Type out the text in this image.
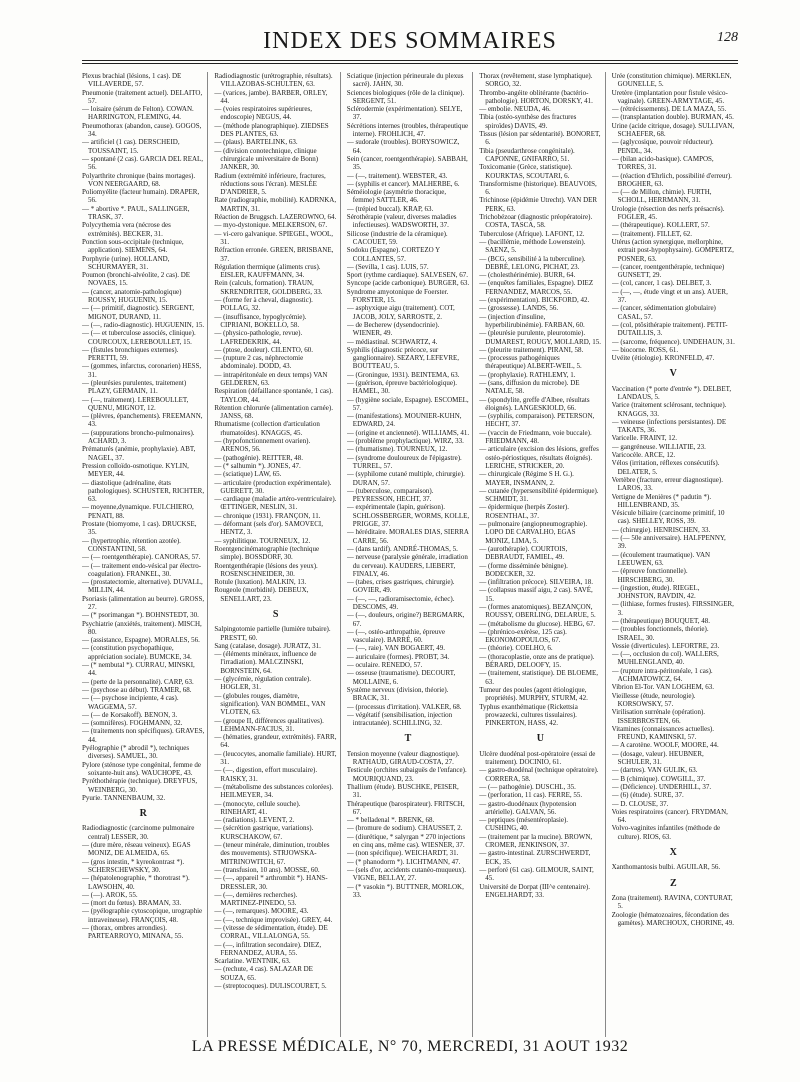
INDEX DES SOMMAIRES	128

Plexus brachial (lésions, 1 cas). DE VILLAVERDE, 57.

Pneumonie (traitement actuel). DELAITO, 57.

— loisaire (sérum de Felton). COWAN. HARRINGTON, FLEMING, 44.

Pneumothorax (abandon, cause). GOGOS, 34.

— artificiel (1 cas). DERSCHEID, TOUSSAINT, 15.

— spontané (2 cas). GARCIA DEL REAL, 56.

Polyarthrite chronique (bains mortages). VON NEERGAARD, 68.

Poliomyélite (facteur humain). DRAPER, 56.

— * abortive *. PAUL, SALLINGER, TRASK, 37.

Polycythemia vera (nécrose des extrémités). BECKER, 31.

Ponction sous-occipitale (technique, application). SIEMENS, 64.

Porphyrie (urine). HOLLAND, SCHURMAYER, 31.

Poumon (bronchi-alvéolite, 2 cas). DE NOVAES, 15.

— (cancer, anatomie-pathologique) ROUSSY, HUGUENIN, 15.

— (— primitif, diagnostic). SERGENT, MIGNOT, DURAND, 11.

— (—, radio-diagnostic). HUGUENIN, 15.

— (— et tuberculose associés, clinique). COURCOUX, LEREBOULLET, 15.

— (fistules bronchiques externes). PERETTI, 59.

— (gommes, infarctus, coronarien) HESS, 31.

— (pleurésies purulentes, traitement) PLAZY, GERMAIN, 11.

— (—, traitement). LEREBOULLET, QUENU, MIGNOT, 12.

— (plèvres, épanchements). FREEMANN, 43.

— (suppurations broncho-pulmonaires). ACHARD, 3.

Prématurés (anémie, prophylaxie). ABT, NAGEL, 37.

Pression colloïdo-osmotique. KYLIN, MEYER, 44.

— diastolique (adrénaline, états pathologiques). SCHUSTER, RICHTER, 63.

— moyenne,dynamique. FULCHIERO, PENATI, 88.

Prostate (biomyome, 1 cas). DRUCKSE, 35.

— (hypertrophie, rétention azotée). CONSTANTINI, 58.

— (— roentgenthérapie). CANORAS, 57.

— (— traitement endo-vésical par électro-coagulation). FRANKEL, 30.

— (prostatectomie, alternative). DUVALL, MILLIN, 44.

Psoriasis (alimentation au beurre). GROSS, 27.

— (* psorimangan *). BOHNSTEDT, 30.

Psychiatrie (anxiétés, traitement). MISCH, 80.

— (assistance, Espagne). MORALES, 56.

— (constitution psychopathique, appréciation sociale). BUMCKE, 34.

— (* nembutal *). CURRAU, MINSKI, 44.

— (perte de la personnalité). CARP, 63.

— (psychose au début). TRAMER, 68.

— (— psychose incipiente, 4 cas). WAGGEMA, 57.

— (— de Korsakoff). BENON, 3.

— (somnifères). FOGHMANN, 32.

— (traitements non spécifiques). GRAVES, 44.

Pyélographie (* abrodil *), techniques diverses). SAMUEL, 30.

Pylore (sténose type congénital, femme de soixante-huit ans). WAUCHOPE, 43.

Pyréthothérapie (technique). DREYFUS, WEINBERG, 30.

Pyurie. TANNENBAUM, 32.

R

Radiodiagnostic (carcinome pulmonaire central) LESSER, 30.

— (dure mère, réseau veineux). EGAS MONIZ, DE ALMEIDA, 65.

— (gros intestin, * kyreokontrast *). SCHERSCHEWSKY, 30.

— (hépatolenographie, * thorotrast *). LAWSOHN, 40.

— (—). AROK, 55.

— (mort du fœtus). BRAMAN, 33.

— (pyélographie cytoscopique, urographie intraveineuse). FRANÇOIS, 48.

— (thorax, ombres arrondies). PARTEARROYO, MINANA, 55.

Radiodiagnostic (urétrographie, résultats). VILLAZOBAS-SCHULTEN, 63.

— (varices, jambe). BARBER, ORLEY, 44.

— (voies respiratoires supérieures, endoscopie) NEGUS, 44.

— (méthode planographique). ZIEDSES DES PLANTES, 63.

— (plaus). BARTELINK, 63.

— (division conotechnique, clinique chirurgicale universitaire de Bonn) JANKER, 30.

Radium (extrémité inférieure, fractures, réductions sous l'écran). MESLÉE D'ANDRIER, 5.

Rate (radiographie, mobilité). KADRNKA, MARTIN, 31.

Réaction de Bruggsch. LAZEROWNO, 64.

— myo-dystonique. MELKERSON, 67.

— vi-cero galvanique. SPIEGEL, WOOL, 31.

Réfraction erronée. GREEN, BRISBANE, 37.

Régulation thermique (aliments crus). EISLER, KAUFFMANN, 34.

Rein (calculs, formation). TRAUN, SKRENDRITER, GOLDBERG, 33.

— (forme fer à cheval, diagnostic). POLLAG, 32.

— (insuffisance, hypoglycémie). CIPRIANI, BOKELLO, 58.

— (physico-pathologie, revue). LAFREDEKRIK, 44.

— (ptose, douleur). CILENTO, 60.

— (rupture 2 cas, néphrectomie abdominale). DODD, 43.

— intrapéritonéale en deux temps) VAN GELDEREN, 63.

Respiration (défaillance spontanée, 1 cas). TAYLOR, 44.

Rétention chlorurée (alimentation carnée). JANSS, 68.

Rhumatisme (collection d'articulation rhumatoïdes). KNAGGS, 45.

— (hypofonctionnement ovarien). ARENOS, 56.

— (pathogénie). REITTER, 48.

— (* salhumin *). JONES, 47.

— (sciatique) LAW, 65.

— articulaire (production expérimentale). GUERETT, 30.

— cardiaque (maladie artéro-ventriculaire). ŒTTINGER, NESLIN, 31.

— chronique (1931). FRANÇON, 11.

— déformant (sels d'or). SAMOVECI, HENTZ, 3.

— syphilitique. TOURNEUX, 12.

Roentgencinématographie (technique simple). BOSSDORF, 30.

Roentgenthérapie (lésions des yeux). ROSENSCHNEIDER, 30.

Rotule (luxation). MALKIN, 13.

Rougeole (morbidité). DEBEUX, SENELLART, 23.

S

Salpingotomie partielle (lumière tubaire). PRESTT, 60.

Sang (catalase, dosage). JURATZ, 31.

— (éléments minéraux, influence de l'irradiation). MALCZINSKI, BORNSTEIN, 64.

— (glycémie, régulation centrale). HOGLER, 31.

— (globules rouges, diamètre, signification). VAN BOMMEL, VAN VLOTEN, 63.

— (groupe II, différences qualitatives). LEHMANN-FACIUS, 31.

— (hématies, grandeur, extrémités). FARR, 64.

— (leucocytes, anomalie familiale). HURT, 31.

— (—, digestion, effort musculaire). RAISKY, 31.

— (métabolisme des substances colorées). HEILMEYER, 34.

— (monocyte, cellule souche). RINEHART, 41.

— (radiations). LEVENT, 2.

— (sécrétion gastrique, variations). KURSCHAKOW, 67.

— (teneur minérale, diminution, troubles des mouvements). STRJOWSKA-MITRINOWITCH, 67.

— (transfusion, 10 ans). MOSSE, 60.

— (—, appareil * arthrombit *). HANS-DRESSLER, 30.

— (—, dernières recherches). MARTINEZ-PINEDO, 53.

— (—, remarques). MOORE, 43.

— (—, technique improvisée). GREY, 44.

— (vitesse de sédimentation, étude). DE CORRAL, VILLALONGA, 55.

— (—, infiltration secondaire). DIEZ, FERNANDEZ, AURA, 55.

Scarlatine. WENTNIK, 63.

— (rechute, 4 cas). SALAZAR DE SOUZA, 65.

— (streptocoques). DULISCOURET, 5.

Sciatique (injection périneurale du plexus sacré). JAHN, 30.

Sciences biologiques (rôle de la clinique). SERGENT, 51.

Sclérodermie (expérimentation). SELYE, 37.

Sécrétions internes (troubles, thérapeutique interne). FROHLICH, 47.

— sudorale (troubles). BORYSOWICZ, 64.

Sein (cancer, roentgenthérapie). SABBAH, 35.

— (—, traitement). WEBSTER, 43.

— (syphilis et cancer). MALHERBE, 6.

Séméiologie (asymétrie thoracique, femme) SATTLER, 46.

— (trépied buccal). KRAP, 63.

Sérothérapie (valeur, diverses maladies infectieuses). WADSWORTH, 37.

Silicose (industrie de la céramique). CACOUET, 59.

Sodoku (Espagne). CORTEZO Y COLLANTES, 57.

— (Sevilla, 1 cas). LUIS, 57.

Sport (rythme cardiaque). SALVESEN, 67.

Syncope (acide carbonique). BURGER, 63.

Syndrome amyotonique de Foerster. FORSTER, 15.

— asphyxique aigu (traitement). COT, JACOB, JOLY, SARROSTE, 2.

— de Becherew (dysendocrinie). WIENER, 49.

— médiastinal. SCHWARTZ, 4.

Syphilis (diagnostic précoce, sur ganglionnaire). SEZARY, LEFEVRE, BOUTTEAU, 5.

— (Groningue, 1931). BEINTEMA, 63.

— (guérison, épreuve bactériologique). HAMEL, 30.

— (hygiène sociale, Espagne). ESCOMEL, 57.

— (manifestations). MOUNIER-KUHN, EDWARD, 24.

— (origine et ancienneté). WILLIAMS, 41.

— (problème prophylactique). WIRZ, 33.

— (rhumatisme). TOURNEUX, 12.

— (syndrome douloureux de l'épigastre). TURREL, 57.

— (syphilome cutané multiple, chirurgie). DURAN, 57.

— (tuberculose, comparaison). PEYRESSON, HECHT, 37.

— expérimentale (lapin, guérison). SCHLOSSBERGER, WORMS, KOLLE, PRIGGE, 37.

— héréditaire. MORALES DIAS, SIERRA CARRE, 56.

— (dans tardif). ANDRÉ-THOMAS, 5.

— nerveuse (paralysie générale, irradiation du cerveau). KAUDERS, LIEBERT, FINALY, 46.

— (tabes, crises gastriques, chirurgie). GOVIER, 49.

— (—, —, radioramisectomie, échec). DESCOMS, 49.

— (—, douleurs, origine?) BERGMARK, 67.

— (—, ostéo-arthropathie, épreuve vasculaire). BARRÉ, 60.

— (—, raie). VAN BOGAERT, 49.

— auriculaire (formes). PROBT, 34.

— oculaire. RENEDO, 57.

— osseuse (traumatisme). DECOURT, MOLLAINE, 6.

Système nerveux (division, théorie). BRACK, 31.

— (processus d'irritation). VALKER, 68.

— végétatif (sensibilisation, injection intracutanée). SCHILLING, 32.

T

Tension moyenne (valeur diagnostique). RATHAUD, GIRAUD-COSTA, 27.

Testicule (orchites subaiguës de l'enfance). MOURIQUAND, 23.

Thallium (étude). BUSCHKE, PEISER, 31.

Thérapeutique (barospirateur). FRITSCH, 67.

— * belladenal *. BRENK, 68.

— (bromure de sodium). CHAUSSET, 2.

— (diurétique, * salyrgan * 270 injections en cinq ans, même cas). WIESNER, 37.

— (non spécifique). WEICHARDT, 31.

— (* phanodorm *). LICHTMANN, 47.

— (sels d'or, accidents cutanéo-muqueux). VIGNE, BELLAY, 27.

— (* vasokin *). BUTTNER, MORLOK, 33.

Thorax (revêtement, stase lymphatique). SORGO, 32.

Thrombo-angéite oblitérante (bactério-pathologie). HORTON, DORSKY, 41.

— embolie. NEUDA, 46.

Tibia (ostéo-synthèse des fractures spiroïdes) DAVIS, 49.

Tissus (lésion par sédentarité). BONORET, 6.

Tibia (pseudarthrose congénitale). CAPONNE, GNIFARRO, 51.

Toxicomanie (Grèce, statistique). KOURKTAS, SCOUTARI, 6.

Transformisme (historique). BEAUVOIS, 6.

Trichinose (épidémie Utrecht). VAN DER PERK, 63.

Trichobézoar (diagnostic préopératoire). COSTA, TASCA, 58.

Tuberculose (Afrique). LAFONT, 12.

— (bacillémie, méthode Lowenstein). SAENZ, 5.

— (BCG, sensibilité à la tuberculine). DEBRÉ, LELONG, PICHAT, 23.

— (cholesthérinémie). BURR, 64.

— (enquêtes familiales, Espagne). DIEZ FERNANDEZ, MARCOS, 55.

— (expérimentation). BICKFORD, 42.

— (grossesse). LANDS, 56.

— (injection d'insuline, hyperbilirubinémie). FARBAN, 60.

— (pleurésie purulente, pleurotomie). DUMAREST, ROUGY, MOLLARD, 15.

— (pleurite traitement). PIRANI, 58.

— (processus pathogéniques thérapeutique) ALBERT-WEIL, 5.

— (prophylaxie). RATHLEMY, 1.

— (sans, diffusion du microbe). DE NATALE, 58.

— (spondylite, greffe d'Albee, résultats éloignés). LANGESKIOLD, 66.

— (syphilis, comparaison). PETERSON, HECHT, 37.

— (vaccin de Friedmann, voie buccale). FRIEDMANN, 48.

— articulaire (excision des lésions, greffes ostéo-périostiques, résultats éloignés). LERICHE, STRICKER, 20.

— chirurgicale (Régime S H. G.). MAYER, INSMANN, 2.

— cutanée (hypersensibilité épidermique). SCHMIDT, 31.

— épidermique (herpès Zoster). ROSENTHAL, 37.

— pulmonaire (angiopneumographie). LOPO DE CARVALHO, EGAS MONIZ, LIMA, 5.

— (aurothérapie). COURTOIS, DEBRAUDT, FAMIEL, 49.

— (forme disséminée bénigne). BODECKER, 32.

— (infiltration précoce). SILVEIRA, 18.

— (collapsus massif aigu, 2 cas). SAVÉ, 15.

— (formes anatomiques). BEZANÇON, ROUSSY, OBERLING, DELARUE, 5.

— (métabolisme du glucose). HEBG, 67.

— (phrénico-exérèse, 125 cas). EKONOMOPOULOS, 67.

— (théorie). COELHO, 6.

— (thoracoplastie, onze ans de pratique). BÉRARD, DELOOFY, 15.

— (traitement, statistique). DE BLOEME, 63.

Tumeur des poules (agent étiologique, propriétés). MURPHY, STURM, 42.

Typhus exanthématique (Rickettsia prowazecki, cultures tissulaires). PINKERTON, HASS, 42.

U

Ulcère duodénal post-opératoire (essai de traitement). DOCINIO, 61.

— gastro-duodénal (technique opératoire). CORRERA, 58.

— (— pathogénie). DUSCHL, 35.

— (perforation, 11 cas). FERRE, 55.

— gastro-duodénaux (hypotension artérielle). GALVAN, 56.

— peptiques (mésentéroplasie). CUSHING, 40.

— (traitement par la mucine). BROWN, CROMER, JENKINSON, 37.

— gastro-intestinal. ZURSCHWERDT, ECK, 35.

— perforé (61 cas). GILMOUR, SAINT, 45.

Université de Dorpat (III^e centenaire). ENGELHARDT, 33.

Urée (constitution chimique). MERKLEN, GOUNELLE, 5.

Uretère (implantation pour fistule vésico-vaginale). GREEN-ARMYTAGE, 45.

— (rétrécissements). DE LA MAZA, 55.

— (transplantation double). BURMAN, 45.

Urine (acide citrique, dosage). SULLIVAN, SCHAEFER, 68.

— (aglycosique, pouvoir réducteur). PENDL, 34.

— (bilan acido-basique). CAMPOS, TORRES, 31.

— (réaction d'Ehrlich, possibilité d'erreur). BROGHER, 63.

— (— de Millon, chimie). FURTH, SCHOLL, HERRMANN, 31.

Urologie (résection des nerfs présacrés). FOGLER, 45.

— (thérapeutique). KOLLERT, 57.

— (traitement). FILLET, 62.

Utérus (action synergique, mellorphine, extrait post-hypophysaire). GOMPERTZ, POSNER, 63.

— (cancer, roentgenthérapie, technique) GUNSETT, 29.

— (col, cancer, 1 cas). DELBET, 3.

— (—, —, étude vingt et un ans). AUER, 37.

— (cancer, sédimentation globulaire) CASAL, 57.

— (col, ptôsithérapie traitement). PETIT-DUTAILLIS, 3.

— (sarcome, fréquence). UNDEHAUN, 31.

— biocorne. ROSS, 61.

Uvéite (étiologie). KRONFELD, 47.

V

Vaccination (* porte d'entrée *). DELBET, LANDAUS, 5.

Varice (traitement sclérosant, technique). KNAGGS, 33.

— veineuse (infections persistantes). DE TAKATS, 36.

Varicelle. FRAINT, 12.

— gangréneuse. WILLIATIE, 23.

Varicocèle. ARCE, 12.

Vélos (irritation, réflexes consécutifs). DELATER, 5.

Vertèbre (fracture, erreur diagnostique). LAROS, 33.

Vertigne de Menières (* padutin *). HILLENBRAND, 35.

Vésicule biliaire (carcinome primitif, 10 cas). SHELLEY, ROSS, 39.

— (chirurgie). HENRISCHEN, 33.

— (— 50e anniversaire). HALFPENNY, 39.

— (écoulement traumatique). VAN LEEUWEN, 63.

— (épreuve fonctionnelle). HIRSCHBERG, 30.

— (ingestion, étude). RIEGEL, JOHNSTON, RAVDIN, 42.

— (lithiase, formes frustes). FIRSSINGER, 3.

— (thérapeutique) BOUQUET, 48.

— (troubles fonctionnels, théorie). ISRAEL, 30.

Vessie (diverticules). LEFORTRE, 23.

— (—, occlusion du col). WALLERS, MUHLENGLAND, 40.

— (rupture intra-péritonéale, 1 cas). ACHMATOWICZ, 64.

Vibrion El-Tor. VAN LOGHEM, 63.

Vieillesse (étude, neurologie). KORSOWSKY, 57.

Virilisation surrénale (opération). ISSERBROSTEN, 66.

Vitamines (connaissances actuelles). FREUND, KAMINSKI, 57.

— A carotène. WOOLF, MOORE, 44.

— (dosage, valeur). HEUBNER, SCHULER, 31.

— (dartres). VAN GULIK, 63.

— B (chimique). COWGILL, 37.

— (Déficience). UNDERHILL, 37.

— (6) (étude). SURE, 37.

— D. CLOUSE, 37.

Voies respiratoires (cancer). FRYDMAN, 64.

Volvo-vaginites infantiles (méthode de culture). RIOS, 63.

X

Xanthomantosis bulbi. AGUILAR, 56.

Z

Zona (traitement). RAVINA, CONTURAT, 5.

Zoologie (hématozoaires, fécondation des gamètes). MARCHOUX, CHORINE, 49.

LA PRESSE MÉDICALE, N° 70, MERCREDI, 31 AOUT 1932
